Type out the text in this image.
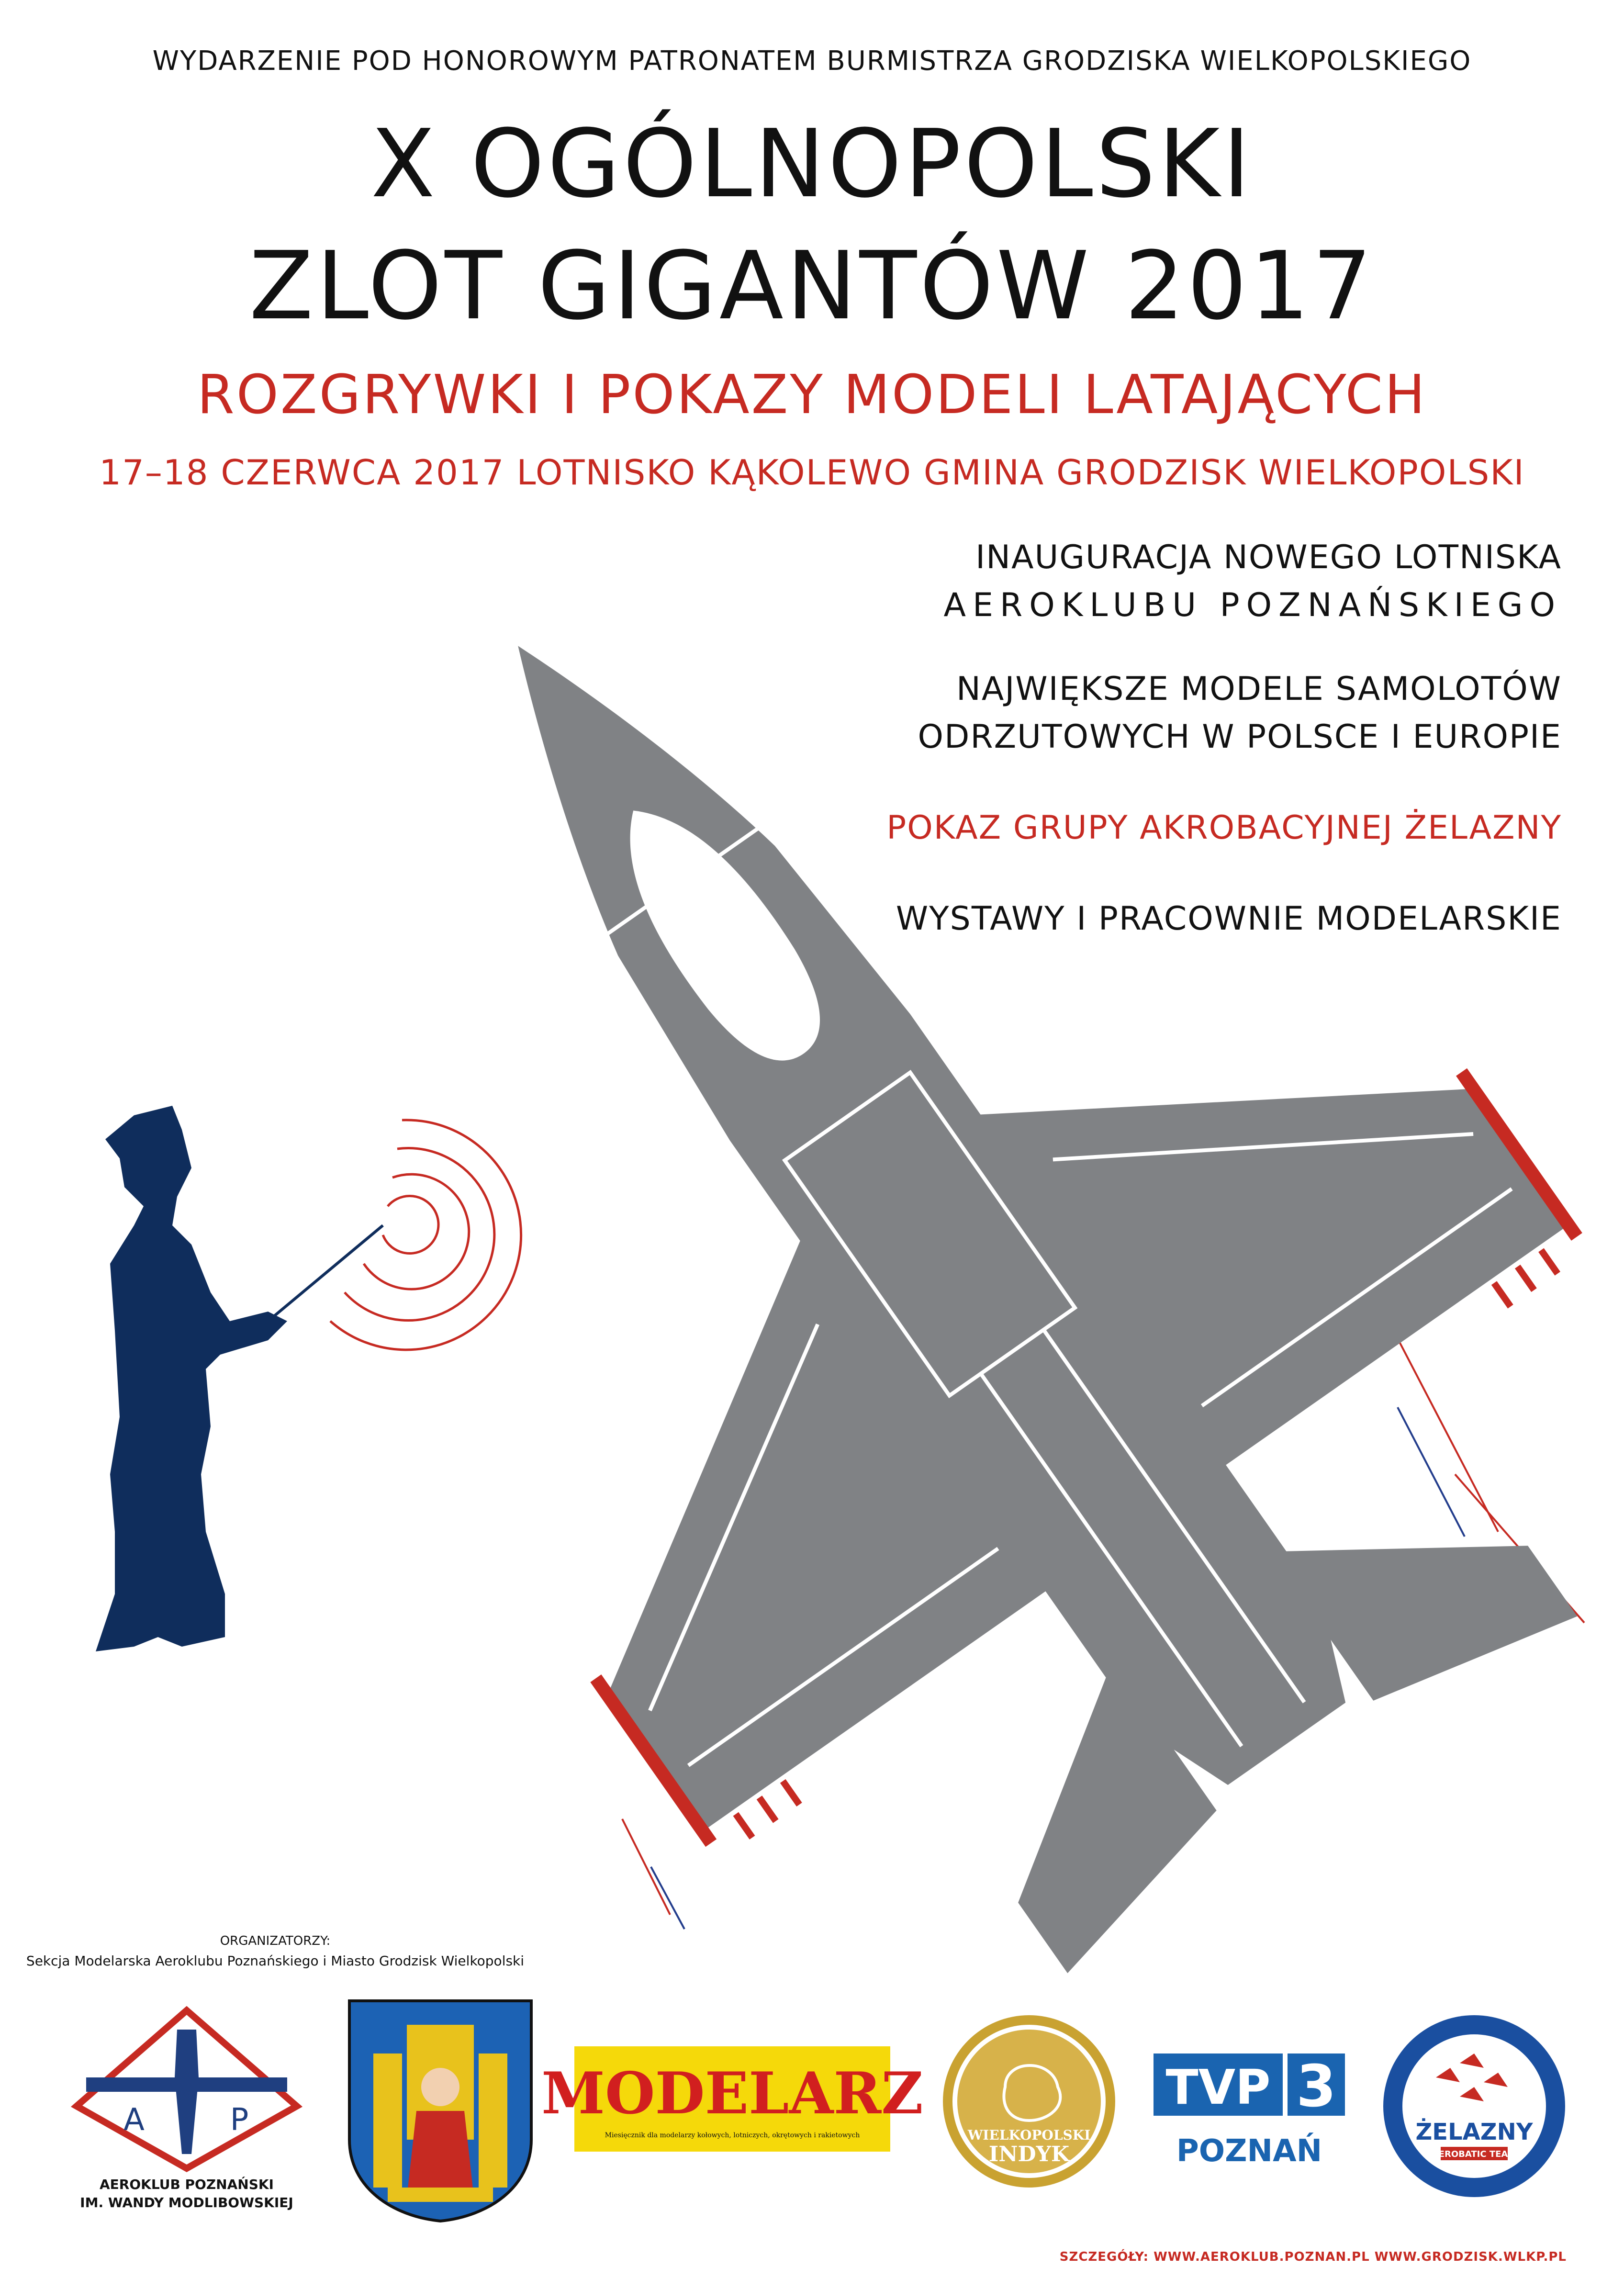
WYDARZENIE POD HONOROWYM PATRONATEM BURMISTRZA GRODZISKA WIELKOPOLSKIEGO
X OGÓLNOPOLSKI
ZLOT GIGANTÓW 2017
ROZGRYWKI I POKAZY MODELI LATAJĄCYCH
17–18 CZERWCA 2017 LOTNISKO KĄKOLEWO GMINA GRODZISK WIELKOPOLSKI
INAUGURACJA NOWEGO LOTNISKA
AEROKLUBU POZNAŃSKIEGO
NAJWIĘKSZE MODELE SAMOLOTÓW
ODRZUTOWYCH W POLSCE I EUROPIE
POKAZ GRUPY AKROBACYJNEJ ŻELAZNY
WYSTAWY I PRACOWNIE MODELARSKIE
ORGANIZATORZY:
Sekcja Modelarska Aeroklubu Poznańskiego i Miasto Grodzisk Wielkopolski
A	P
AEROKLUB POZNAŃSKI
IM. WANDY MODLIBOWSKIEJ
MODELARZ
Miesięcznik dla modelarzy kołowych, lotniczych, okrętowych i rakietowych	WIELKOPOLSKI
INDYK
TVP 3
POZNAŃ
ŻELAZNY
AEROBATIC TEAM
SZCZEGÓŁY: WWW.AEROKLUB.POZNAN.PL WWW.GRODZISK.WLKP.PL
